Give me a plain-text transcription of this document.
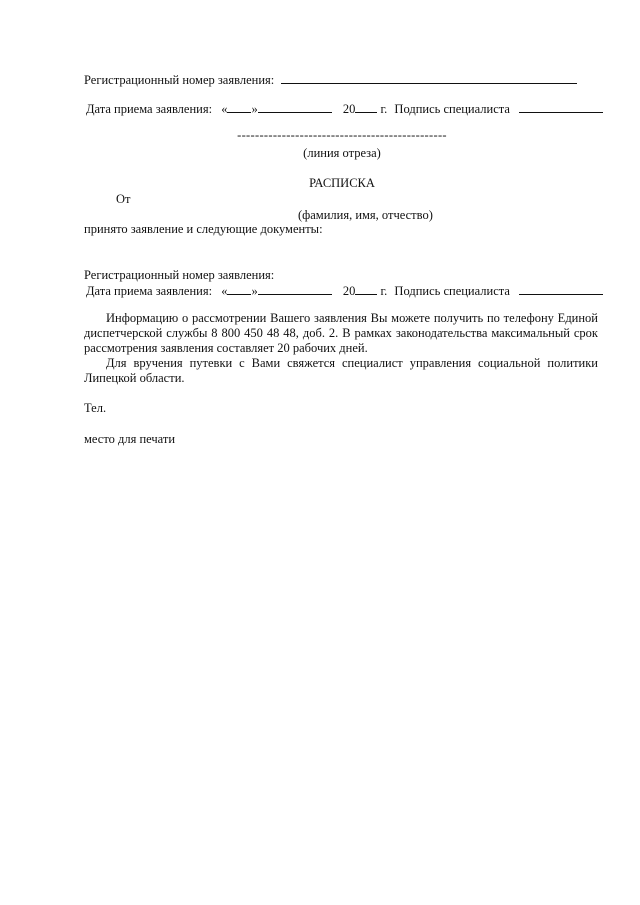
Регистрационный номер заявления:
Дата приема заявления: « »	20 г. Подпись специалиста
-----------------------------------------------
(линия отреза)
РАСПИСКА
От
(фамилия, имя, отчество)
принято заявление и следующие документы:
Регистрационный номер заявления:
Дата приема заявления: « »	20 г. Подпись специалиста
Информацию о рассмотрении Вашего заявления Вы можете получить по телефону Единой диспетчерской службы 8 800 450 48 48, доб. 2. В рамках законодательства максимальный срок рассмотрения заявления составляет 20 рабочих дней.
Для вручения путевки с Вами свяжется специалист управления социальной политики Липецкой области.
Тел.
место для печати
